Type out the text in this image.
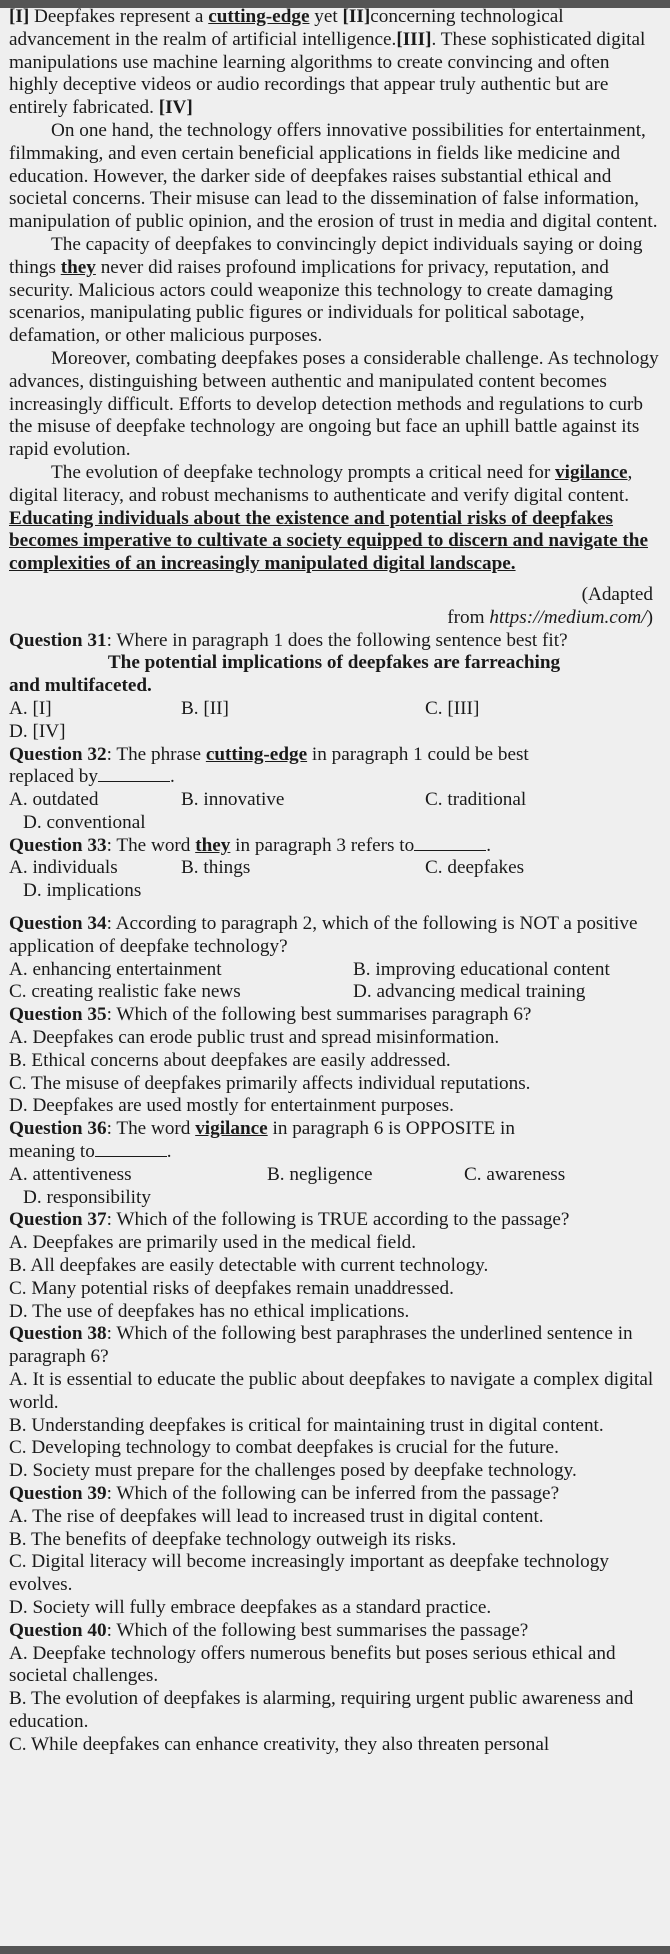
[I] Deepfakes represent a cutting-edge yet [II]concerning technological advancement in the realm of artificial intelligence.[III]. These sophisticated digital manipulations use machine learning algorithms to create convincing and often highly deceptive videos or audio recordings that appear truly authentic but are entirely fabricated. [IV]

On one hand, the technology offers innovative possibilities for entertainment, filmmaking, and even certain beneficial applications in fields like medicine and education. However, the darker side of deepfakes raises substantial ethical and societal concerns. Their misuse can lead to the dissemination of false information, manipulation of public opinion, and the erosion of trust in media and digital content.

The capacity of deepfakes to convincingly depict individuals saying or doing things they never did raises profound implications for privacy, reputation, and security. Malicious actors could weaponize this technology to create damaging scenarios, manipulating public figures or individuals for political sabotage, defamation, or other malicious purposes.

Moreover, combating deepfakes poses a considerable challenge. As technology advances, distinguishing between authentic and manipulated content becomes increasingly difficult. Efforts to develop detection methods and regulations to curb the misuse of deepfake technology are ongoing but face an uphill battle against its rapid evolution.

The evolution of deepfake technology prompts a critical need for vigilance, digital literacy, and robust mechanisms to authenticate and verify digital content. Educating individuals about the existence and potential risks of deepfakes becomes imperative to cultivate a society equipped to discern and navigate the complexities of an increasingly manipulated digital landscape.

(Adapted

from https://medium.com/)

Question 31: Where in paragraph 1 does the following sentence best fit?

The potential implications of deepfakes are farreaching

and multifaceted.

A. [I]	B. [II]	C. [III]

D. [IV]

Question 32: The phrase cutting-edge in paragraph 1 could be best
replaced by	.

A. outdated	B. innovative	C. traditional

D. conventional

Question 33: The word they in paragraph 3 refers to	.

A. individuals	B. things	C. deepfakes

D. implications

Question 34: According to paragraph 2, which of the following is NOT a positive application of deepfake technology?

A. enhancing entertainment	B. improving educational content
C. creating realistic fake news	D. advancing medical training

Question 35: Which of the following best summarises paragraph 6?

A. Deepfakes can erode public trust and spread misinformation.

B. Ethical concerns about deepfakes are easily addressed.

C. The misuse of deepfakes primarily affects individual reputations.

D. Deepfakes are used mostly for entertainment purposes.

Question 36: The word vigilance in paragraph 6 is OPPOSITE in
meaning to	.

A. attentiveness	B. negligence	C. awareness

D. responsibility

Question 37: Which of the following is TRUE according to the passage?

A. Deepfakes are primarily used in the medical field.

B. All deepfakes are easily detectable with current technology.

C. Many potential risks of deepfakes remain unaddressed.

D. The use of deepfakes has no ethical implications.

Question 38: Which of the following best paraphrases the underlined sentence in paragraph 6?

A. It is essential to educate the public about deepfakes to navigate a complex digital world.

B. Understanding deepfakes is critical for maintaining trust in digital content.

C. Developing technology to combat deepfakes is crucial for the future.

D. Society must prepare for the challenges posed by deepfake technology.

Question 39: Which of the following can be inferred from the passage?

A. The rise of deepfakes will lead to increased trust in digital content.

B. The benefits of deepfake technology outweigh its risks.

C. Digital literacy will become increasingly important as deepfake technology evolves.

D. Society will fully embrace deepfakes as a standard practice.

Question 40: Which of the following best summarises the passage?

A. Deepfake technology offers numerous benefits but poses serious ethical and societal challenges.

B. The evolution of deepfakes is alarming, requiring urgent public awareness and education.

C. While deepfakes can enhance creativity, they also threaten personal
